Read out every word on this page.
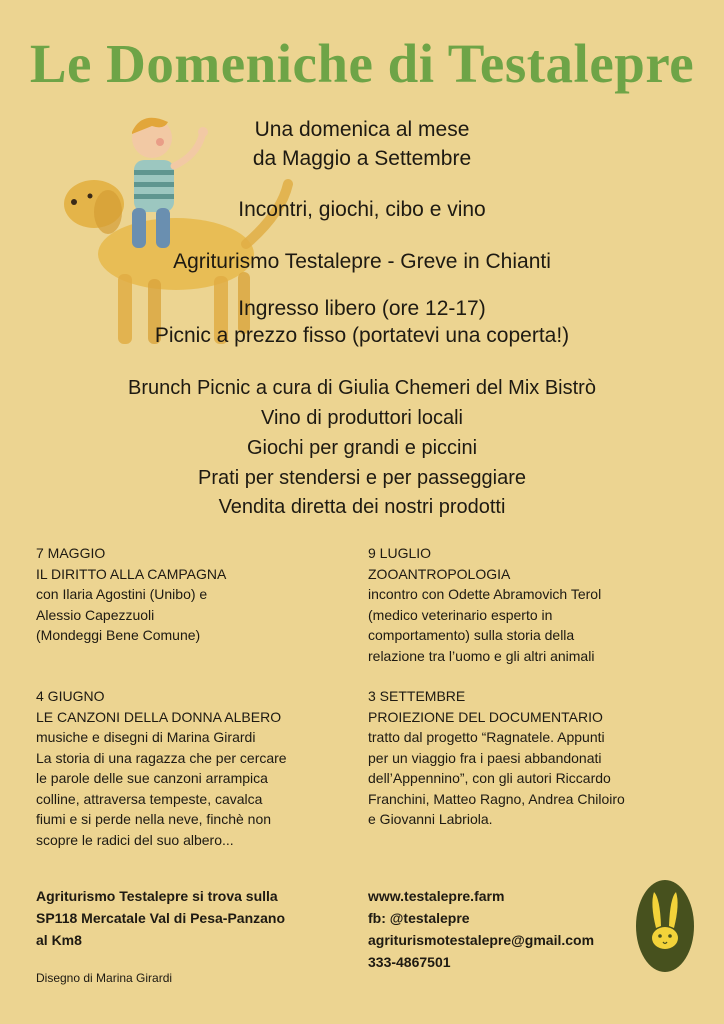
Le Domeniche di Testalepre
Una domenica al mese
da Maggio a Settembre
Incontri, giochi, cibo e vino
Agriturismo Testalepre - Greve in Chianti
Ingresso libero (ore 12-17)
Picnic a prezzo fisso (portatevi una coperta!)
Brunch Picnic a cura di Giulia Chemeri del Mix Bistrò
Vino di produttori locali
Giochi per grandi e piccini
Prati per stendersi e per passeggiare
Vendita diretta dei nostri prodotti
7 MAGGIO
IL DIRITTO ALLA CAMPAGNA
con Ilaria Agostini (Unibo) e
Alessio Capezzuoli
(Mondeggi Bene Comune)
9 LUGLIO
ZOOANTROPOLOGIA
incontro con Odette Abramovich Terol
(medico veterinario esperto in
comportamento) sulla storia della
relazione tra l’uomo e gli altri animali
4 GIUGNO
LE CANZONI DELLA DONNA ALBERO
musiche e disegni di Marina Girardi
La storia di una ragazza che per cercare
le parole delle sue canzoni arrampica
colline, attraversa tempeste, cavalca
fiumi e si perde nella neve, finchè non
scopre le radici del suo albero...
3 SETTEMBRE
PROIEZIONE DEL DOCUMENTARIO
tratto dal progetto “Ragnatele. Appunti
per un viaggio fra i paesi abbandonati
dell’Appennino”, con gli autori Riccardo
Franchini, Matteo Ragno, Andrea Chiloiro
e Giovanni Labriola.
Agriturismo Testalepre si trova sulla
SP118 Mercatale Val di Pesa-Panzano
al Km8
www.testalepre.farm
fb: @testalepre
agriturismotestalepre@gmail.com
333-4867501
Disegno di Marina Girardi
